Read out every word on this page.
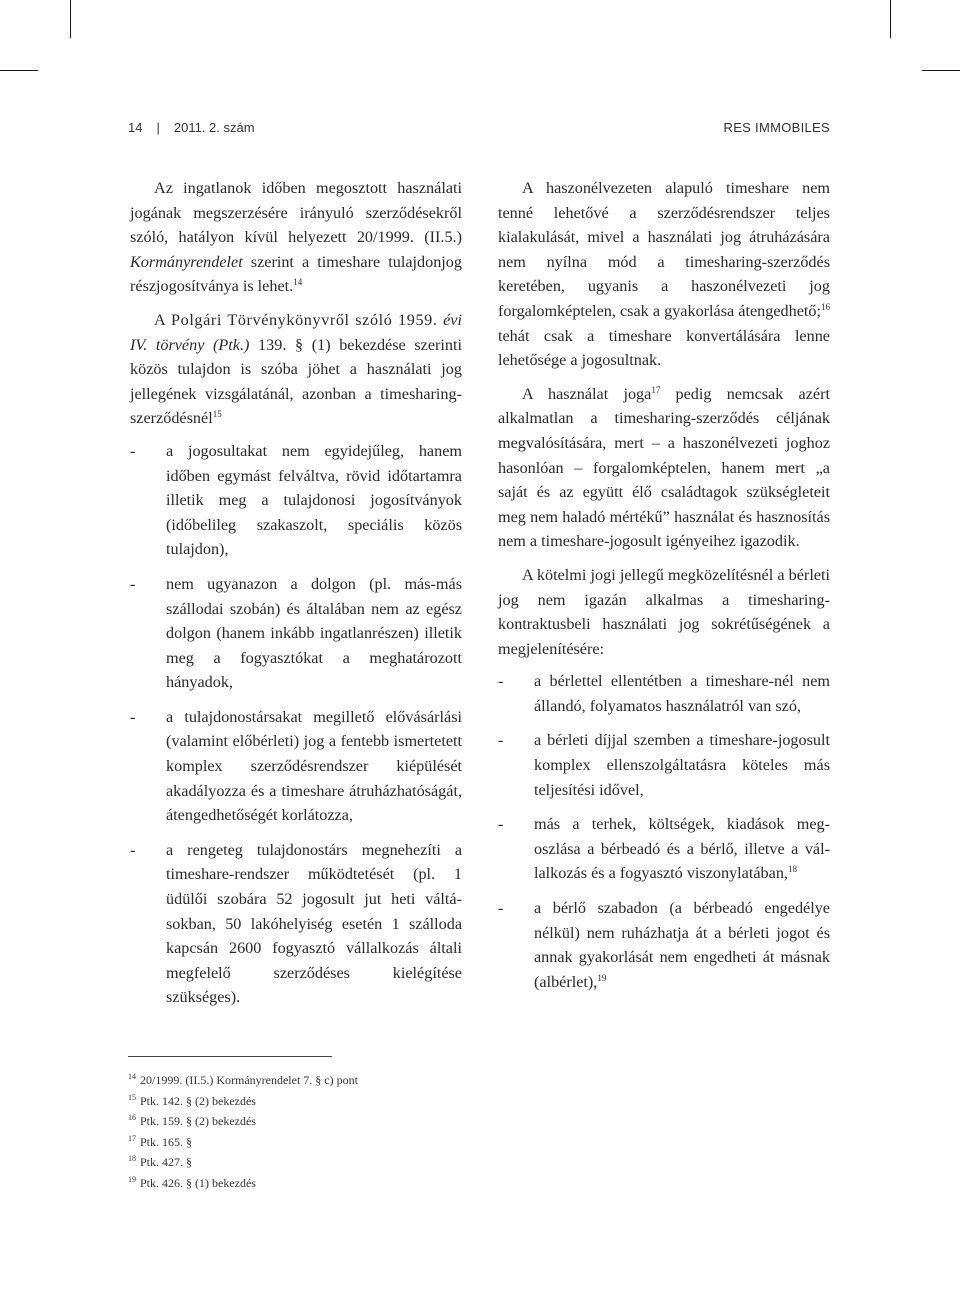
14 | 2011. 2. szám	RES IMMOBILES

Az ingatlanok időben megosztott használati jogának megszerzésére irányuló szerződésekről szóló, hatályon kívül helyezett 20/1999. (II.5.) Kormányrendelet szerint a timeshare tulajdonjog részjogosítványa is lehet.$^{14}$

A Polgári Törvénykönyvről szóló 1959. évi IV. törvény (Ptk.) 139. § (1) bekezdése szerinti közös tulajdon is szóba jöhet a használati jog jellegének vizsgálatánál, azonban a timesharing-szerződésnél$^{15}$

- a jogosultakat nem egyidejűleg, hanem időben egymást felváltva, rövid időtartamra illetik meg a tulajdonosi jogosítványok (időbelileg szakaszolt, speciális közös tulajdon),
- nem ugyanazon a dolgon (pl. más-más szállodai szobán) és általában nem az egész dolgon (hanem inkább ingatlanrészen) illetik meg a fogyasztókat a meghatározott hányadok,
- a tulajdonostársakat megillető elővásárlási (valamint előbérleti) jog a fentebb ismertetett komplex szerződésrendszer kiépülését akadályozza és a timeshare átruházhatóságát, átengedhetőségét korlátozza,
- a rengeteg tulajdonostárs megnehezíti a timeshare-rendszer működtetését (pl. 1 üdülői szobára 52 jogosult jut heti váltásokban, 50 lakóhelyiség esetén 1 szálloda kapcsán 2600 fogyasztó vállalkozás általi megfelelő szerződéses kielégítése szükséges).

A haszonélvezeten alapuló timeshare nem tenné lehetővé a szerződésrendszer teljes kialakulását, mivel a használati jog átruházására nem nyílna mód a timesharing-szerződés keretében, ugyanis a haszonélvezeti jog forgalomképtelen, csak a gyakorlása átengedhető;$^{16}$ tehát csak a timeshare konvertálására lenne lehetősége a jogosultnak.

A használat joga$^{17}$ pedig nemcsak azért alkalmatlan a timesharing-szerződés céljának megvalósítására, mert – a haszonélvezeti joghoz hasonlóan – forgalomképtelen, hanem mert „a saját és az együtt élő családtagok szükségleteit meg nem haladó mértékű” használat és hasznosítás nem a timeshare-jogosult igényeihez igazodik.

A kötelmi jogi jellegű megközelítésnél a bérleti jog nem igazán alkalmas a timesharing-kontraktusbeli használati jog sokrétűségének a megjelenítésére:

- a bérlettel ellentétben a timeshare-nél nem állandó, folyamatos használatról van szó,
- a bérleti díjjal szemben a timeshare-jogosult komplex ellenszolgáltatásra köteles más teljesítési idővel,
- más a terhek, költségek, kiadások megoszlása a bérbeadó és a bérlő, illetve a vállalkozás és a fogyasztó viszonylatában,$^{18}$
- a bérlő szabadon (a bérbeadó engedélye nélkül) nem ruházhatja át a bérleti jogot és annak gyakorlását nem engedheti át másnak (albérlet),$^{19}$
$^{14}$ 20/1999. (II.5.) Kormányrendelet 7. § c) pont
$^{15}$ Ptk. 142. § (2) bekezdés
$^{16}$ Ptk. 159. § (2) bekezdés
$^{17}$ Ptk. 165. §
$^{18}$ Ptk. 427. §
$^{19}$ Ptk. 426. § (1) bekezdés
